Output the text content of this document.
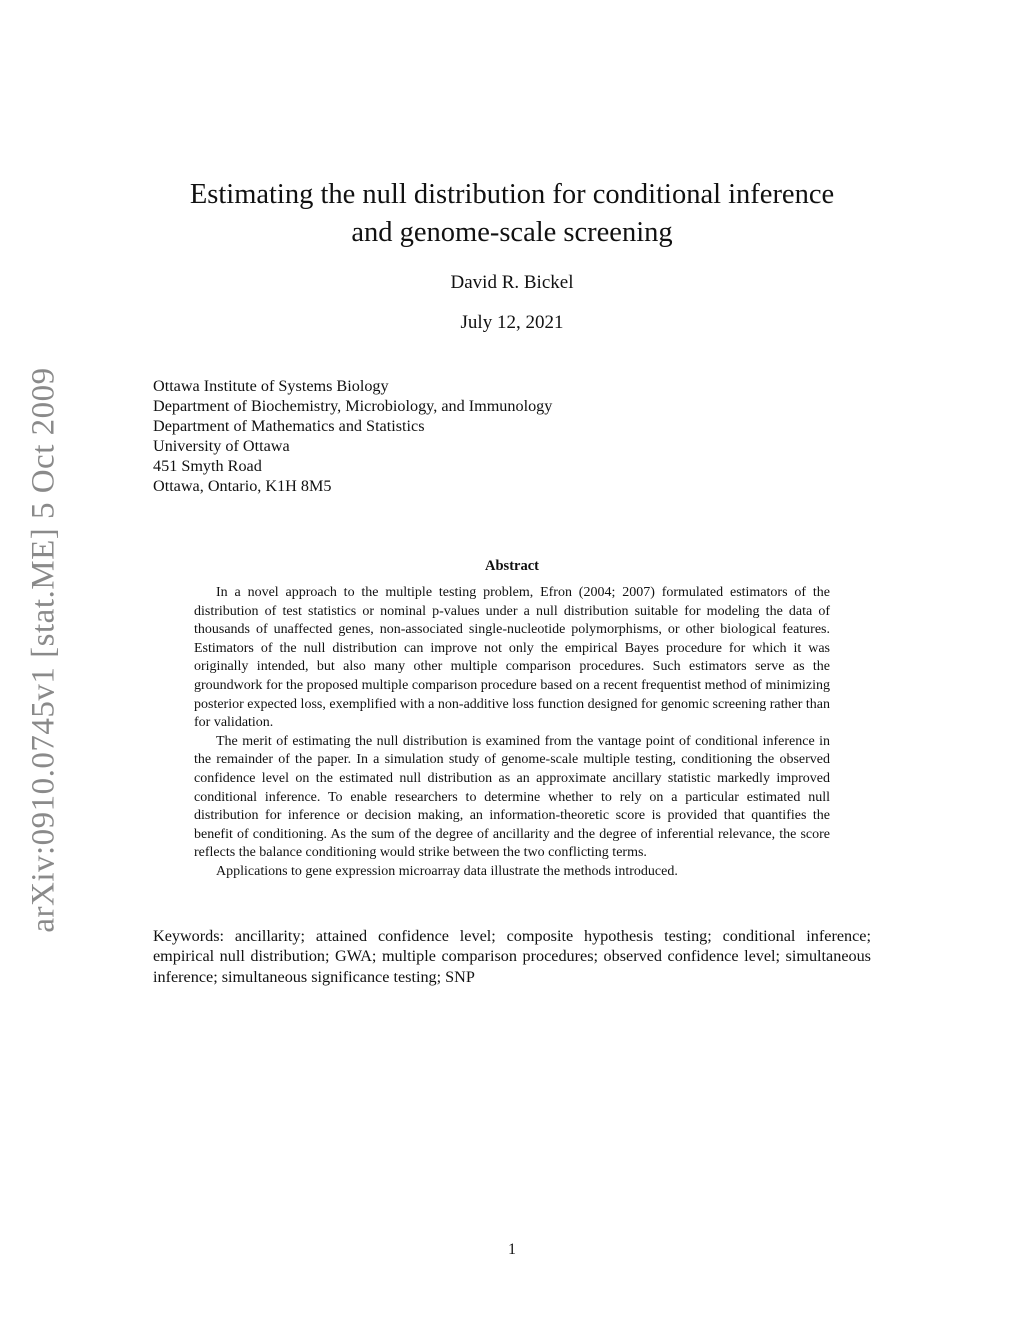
arXiv:0910.0745v1 [stat.ME] 5 Oct 2009
Estimating the null distribution for conditional inference
and genome-scale screening
David R. Bickel
July 12, 2021
Ottawa Institute of Systems Biology
Department of Biochemistry, Microbiology, and Immunology
Department of Mathematics and Statistics
University of Ottawa
451 Smyth Road
Ottawa, Ontario, K1H 8M5
Abstract

In a novel approach to the multiple testing problem, Efron (2004; 2007) formulated estimators of the distribution of test statistics or nominal p-values under a null distribution suitable for modeling the data of thousands of unaffected genes, non-associated single-nucleotide polymorphisms, or other biological features. Estimators of the null distribution can improve not only the empirical Bayes procedure for which it was originally intended, but also many other multiple comparison procedures. Such estimators serve as the groundwork for the proposed multiple comparison procedure based on a recent frequentist method of minimizing posterior expected loss, exemplified with a non-additive loss function designed for genomic screening rather than for validation.

The merit of estimating the null distribution is examined from the vantage point of conditional inference in the remainder of the paper. In a simulation study of genome-scale multiple testing, conditioning the observed confidence level on the estimated null distribution as an approximate ancillary statistic markedly improved conditional inference. To enable researchers to determine whether to rely on a particular estimated null distribution for inference or decision making, an information-theoretic score is provided that quantifies the benefit of conditioning. As the sum of the degree of ancillarity and the degree of inferential relevance, the score reflects the balance conditioning would strike between the two conflicting terms.

Applications to gene expression microarray data illustrate the methods introduced.

Keywords: ancillarity; attained confidence level; composite hypothesis testing; conditional inference; empirical null distribution; GWA; multiple comparison procedures; observed confidence level; simultaneous inference; simultaneous significance testing; SNP
1
